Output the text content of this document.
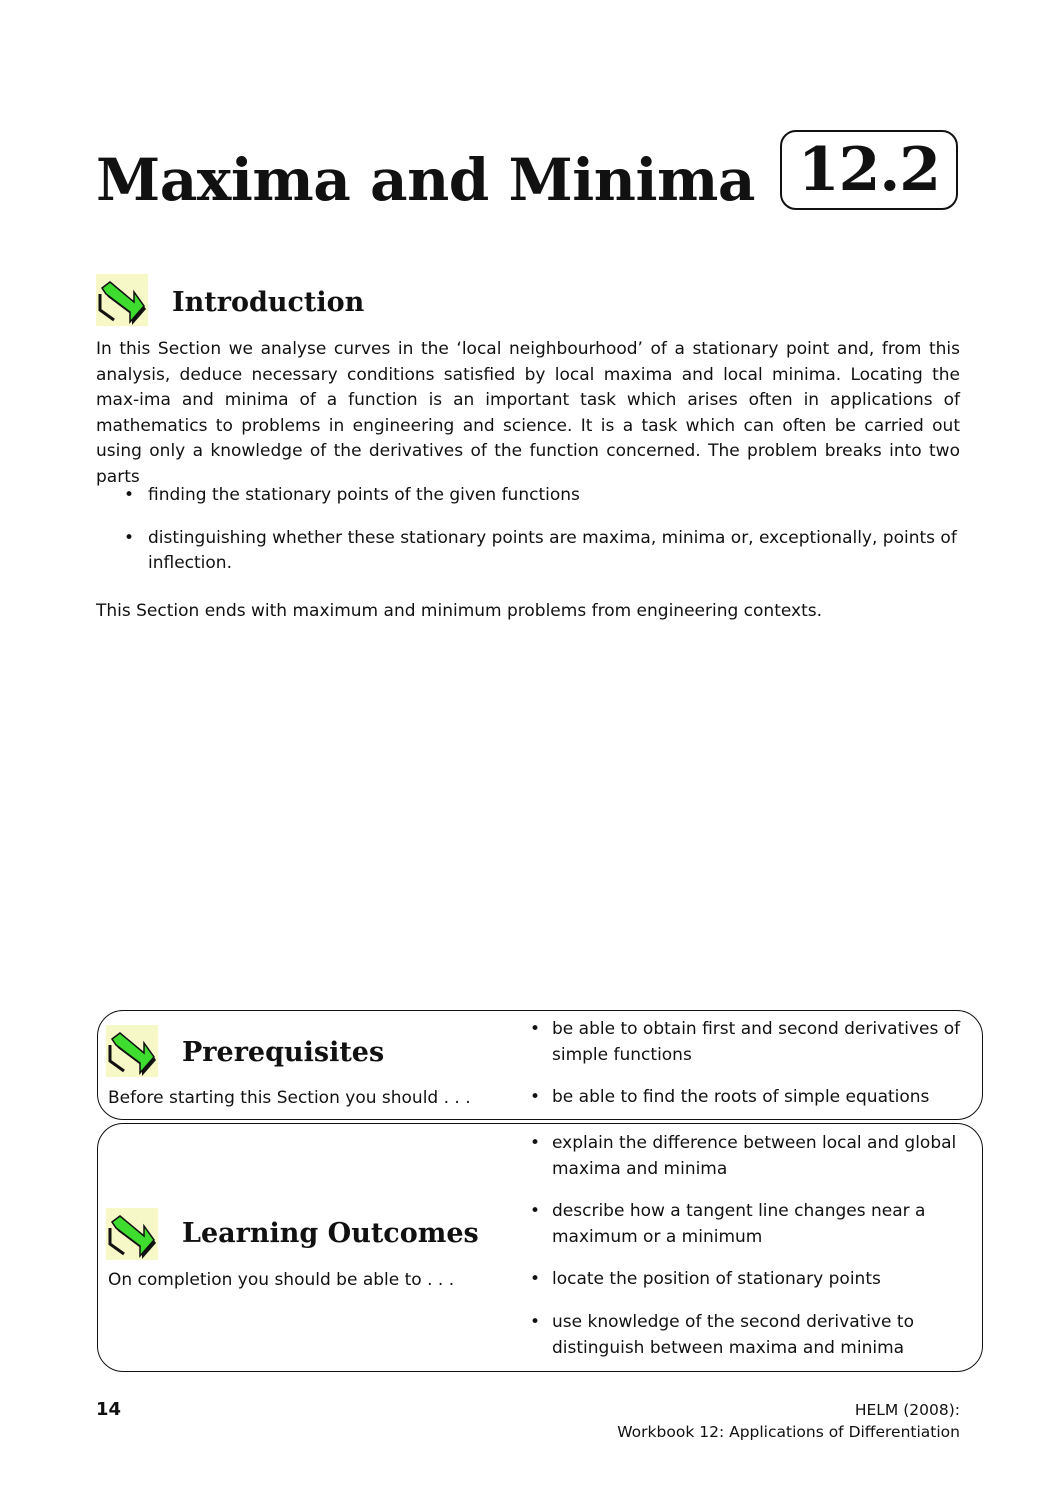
Maxima and Minima 12.2
Introduction
In this Section we analyse curves in the ‘local neighbourhood’ of a stationary point and, from this analysis, deduce necessary conditions satisfied by local maxima and local minima. Locating the max-ima and minima of a function is an important task which arises often in applications of mathematics to problems in engineering and science. It is a task which can often be carried out using only a knowledge of the derivatives of the function concerned. The problem breaks into two parts
• finding the stationary points of the given functions
• distinguishing whether these stationary points are maxima, minima or, exceptionally, points of inflection.
This Section ends with maximum and minimum problems from engineering contexts.
Prerequisites
Before starting this Section you should . . .
• be able to obtain first and second derivatives of simple functions
• be able to find the roots of simple equations
Learning Outcomes
On completion you should be able to . . .
• explain the difference between local and global maxima and minima
• describe how a tangent line changes near a maximum or a minimum
• locate the position of stationary points
• use knowledge of the second derivative to distinguish between maxima and minima
14	HELM (2008):
Workbook 12: Applications of Differentiation
